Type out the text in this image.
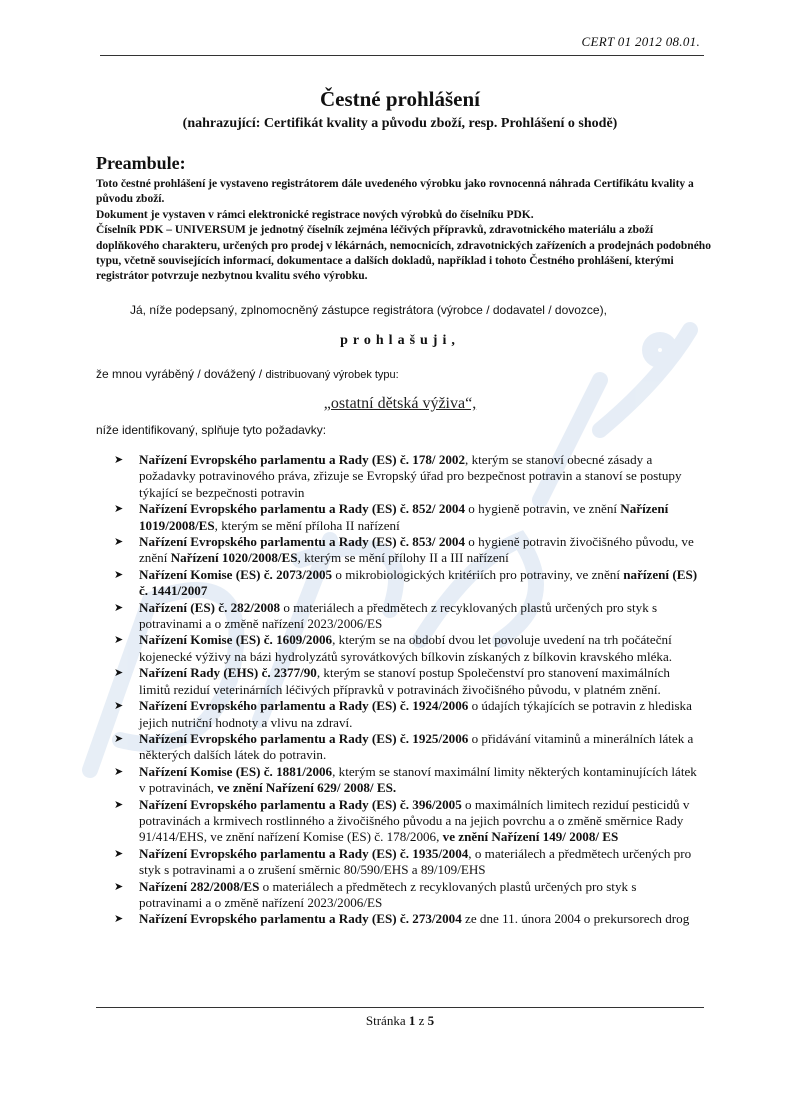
CERT 01 2012 08.01.
Čestné prohlášení
(nahrazující: Certifikát kvality a původu zboží, resp. Prohlášení o shodě)
Preambule:

Toto čestné prohlášení je vystaveno registrátorem dále uvedeného výrobku jako rovnocenná náhrada Certifikátu kvality a původu zboží.

Dokument je vystaven v rámci elektronické registrace nových výrobků do číselníku PDK.

Číselník PDK – UNIVERSUM je jednotný číselník zejména léčivých přípravků, zdravotnického materiálu a zboží doplňkového charakteru, určených pro prodej v lékárnách, nemocnicích, zdravotnických zařízeních a prodejnách podobného typu, včetně souvisejících informací, dokumentace a dalších dokladů, například i tohoto Čestného prohlášení, kterými registrátor potvrzuje nezbytnou kvalitu svého výrobku.

Já, níže podepsaný, zplnomocněný zástupce registrátora (výrobce / dodavatel / dovozce),
prohlašuji,
že mnou vyráběný / dovážený / distribuovaný výrobek typu:
„ostatní dětská výživa“,
níže identifikovaný, splňuje tyto požadavky:
➤ Nařízení Evropského parlamentu a Rady (ES) č. 178/ 2002, kterým se stanoví obecné zásady a požadavky potravinového práva, zřizuje se Evropský úřad pro bezpečnost potravin a stanoví se postupy týkající se bezpečnosti potravin
➤ Nařízení Evropského parlamentu a Rady (ES) č. 852/ 2004 o hygieně potravin, ve znění Nařízení 1019/2008/ES, kterým se mění příloha II nařízení
➤ Nařízení Evropského parlamentu a Rady (ES) č. 853/ 2004 o hygieně potravin živočišného původu, ve znění Nařízení 1020/2008/ES, kterým se mění přílohy II a III nařízení
➤ Nařízení Komise (ES) č. 2073/2005 o mikrobiologických kritériích pro potraviny, ve znění nařízení (ES) č. 1441/2007
➤ Nařízení (ES) č. 282/2008 o materiálech a předmětech z recyklovaných plastů určených pro styk s potravinami a o změně nařízení 2023/2006/ES
➤ Nařízení Komise (ES) č. 1609/2006, kterým se na období dvou let povoluje uvedení na trh počáteční kojenecké výživy na bázi hydrolyzátů syrovátkových bílkovin získaných z bílkovin kravského mléka.
➤ Nařízení Rady (EHS) č. 2377/90, kterým se stanoví postup Společenství pro stanovení maximálních limitů reziduí veterinárních léčivých přípravků v potravinách živočišného původu, v platném znění.
➤ Nařízení Evropského parlamentu a Rady (ES) č. 1924/2006 o údajích týkajících se potravin z hlediska jejich nutriční hodnoty a vlivu na zdraví.
➤ Nařízení Evropského parlamentu a Rady (ES) č. 1925/2006 o přidávání vitaminů a minerálních látek a některých dalších látek do potravin.
➤ Nařízení Komise (ES) č. 1881/2006, kterým se stanoví maximální limity některých kontaminujících látek v potravinách, ve znění Nařízení 629/ 2008/ ES.
➤ Nařízení Evropského parlamentu a Rady (ES) č. 396/2005 o maximálních limitech reziduí pesticidů v potravinách a krmivech rostlinného a živočišného původu a na jejich povrchu a o změně směrnice Rady 91/414/EHS, ve znění nařízení Komise (ES) č. 178/2006, ve znění Nařízení 149/ 2008/ ES
➤ Nařízení Evropského parlamentu a Rady (ES) č. 1935/2004, o materiálech a předmětech určených pro styk s potravinami a o zrušení směrnic 80/590/EHS a 89/109/EHS
➤ Nařízení 282/2008/ES o materiálech a předmětech z recyklovaných plastů určených pro styk s potravinami a o změně nařízení 2023/2006/ES
➤ Nařízení Evropského parlamentu a Rady (ES) č. 273/2004 ze dne 11. února 2004 o prekursorech drog
Stránka 1 z 5
